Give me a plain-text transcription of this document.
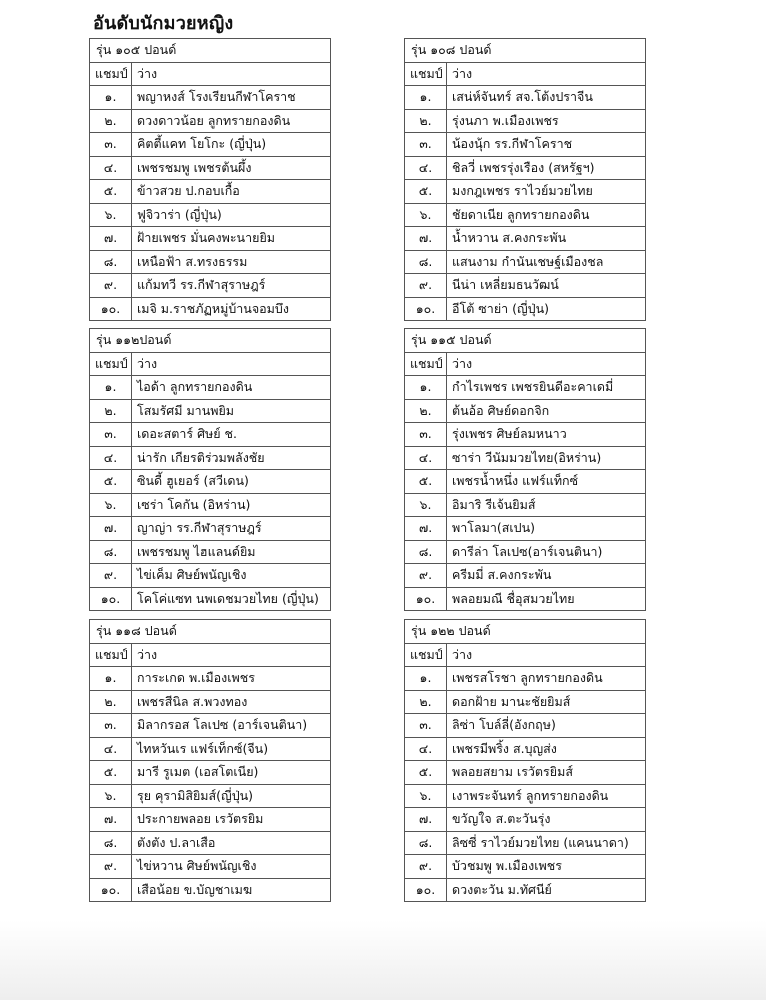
อันดับนักมวยหญิง
รุ่น ๑๐๕ ปอนด์	
แชมป์	ว่าง
๑.	พญาหงส์ โรงเรียนกีฬาโคราช
๒.	ดวงดาวน้อย ลูกทรายกองดิน
๓.	คิตตี้แคท โยโกะ (ญี่ปุ่น)
๔.	เพชรชมพู เพชรต้นผึ้ง
๕.	ข้าวสวย ป.กอบเกื้อ
๖.	ฟูจิวาร่า (ญี่ปุ่น)
๗.	ฝ้ายเพชร มั่นคงพะนายยิม
๘.	เหนือฟ้า ส.ทรงธรรม
๙.	แก้มทวี รร.กีฬาสุราษฎร์
๑๐.	เมจิ ม.ราชภัฏหมู่บ้านจอมบึง
รุ่น ๑๐๘ ปอนด์	
แชมป์	ว่าง
๑.	เสน่ห์จันทร์ สจ.โต้งปราจีน
๒.	รุ่งนภา พ.เมืองเพชร
๓.	น้องนุ้ก รร.กีฬาโคราช
๔.	ชิลวี่ เพชรรุ่งเรือง (สหรัฐฯ)
๕.	มงกฎเพชร ราไวย์มวยไทย
๖.	ชัยดาเนีย ลูกทรายกองดิน
๗.	น้ำหวาน ส.คงกระพัน
๘.	แสนงาม กำนันเชษฐ์เมืองชล
๙.	นีน่า เหลี่ยมธนวัฒน์
๑๐.	อีโต้ ซาย่า (ญี่ปุ่น)
รุ่น ๑๑๒ปอนด์	
แชมป์	ว่าง
๑.	ไอด้า ลูกทรายกองดิน
๒.	โสมรัศมี มานพยิม
๓.	เดอะสตาร์ ศิษย์ ช.
๔.	น่ารัก เกียรติร่วมพลังชัย
๕.	ซินดี้ ฮูเยอร์ (สวีเดน)
๖.	เซร่า โคกัน (อิหร่าน)
๗.	ญาญ่า รร.กีฬาสุราษฎร์
๘.	เพชรชมพู ไฮแลนด์ยิม
๙.	ไข่เค็ม ศิษย์พนัญเชิง
๑๐.	โคโค่แซท นพเดชมวยไทย (ญี่ปุ่น)
รุ่น ๑๑๕ ปอนด์	
แชมป์	ว่าง
๑.	กำไรเพชร เพชรยินดีอะคาเดมี่
๒.	ต้นอ้อ ศิษย์ดอกจิก
๓.	รุ่งเพชร ศิษย์ลมหนาว
๔.	ซาร่า วีนัมมวยไทย(อิหร่าน)
๕.	เพชรน้ำหนึ่ง แฟร์แท็กซ์
๖.	อิมาริ รีเจ้นยิมส์
๗.	พาโลมา(สเปน)
๘.	ดารีล่า โลเปซ(อาร์เจนตินา)
๙.	ครีมมี่ ส.คงกระพัน
๑๐.	พลอยมณี ชื่อุสมวยไทย
รุ่น ๑๑๘ ปอนด์	
แชมป์	ว่าง
๑.	การะเกด พ.เมืองเพชร
๒.	เพชรสีนิล ส.พวงทอง
๓.	มิลากรอส โลเปซ (อาร์เจนตินา)
๔.	ไทหวันเร แฟร์เท็กซ์(จีน)
๕.	มารี รูเมต (เอสโตเนีย)
๖.	รุย คุรามิสิยิมส์(ญี่ปุ่น)
๗.	ประกายพลอย เรวัตรยิม
๘.	ตังตัง ป.ลาเสือ
๙.	ไข่หวาน ศิษย์พนัญเชิง
๑๐.	เสือน้อย ข.บัญชาเมฆ
รุ่น ๑๒๒ ปอนด์	
แชมป์	ว่าง
๑.	เพชรสโรชา ลูกทรายกองดิน
๒.	ดอกฝ้าย มานะชัยยิมส์
๓.	ลิซ่า โบล์ลี่(อังกฤษ)
๔.	เพชรมีพริ้ง ส.บุญส่ง
๕.	พลอยสยาม เรวัตรยิมส์
๖.	เงาพระจันทร์ ลูกทรายกองดิน
๗.	ขวัญใจ ส.ตะวันรุ่ง
๘.	ลิซซี่ ราไวย์มวยไทย (แคนนาดา)
๙.	บัวชมพู พ.เมืองเพชร
๑๐.	ดวงตะวัน ม.ทัศนีย์
